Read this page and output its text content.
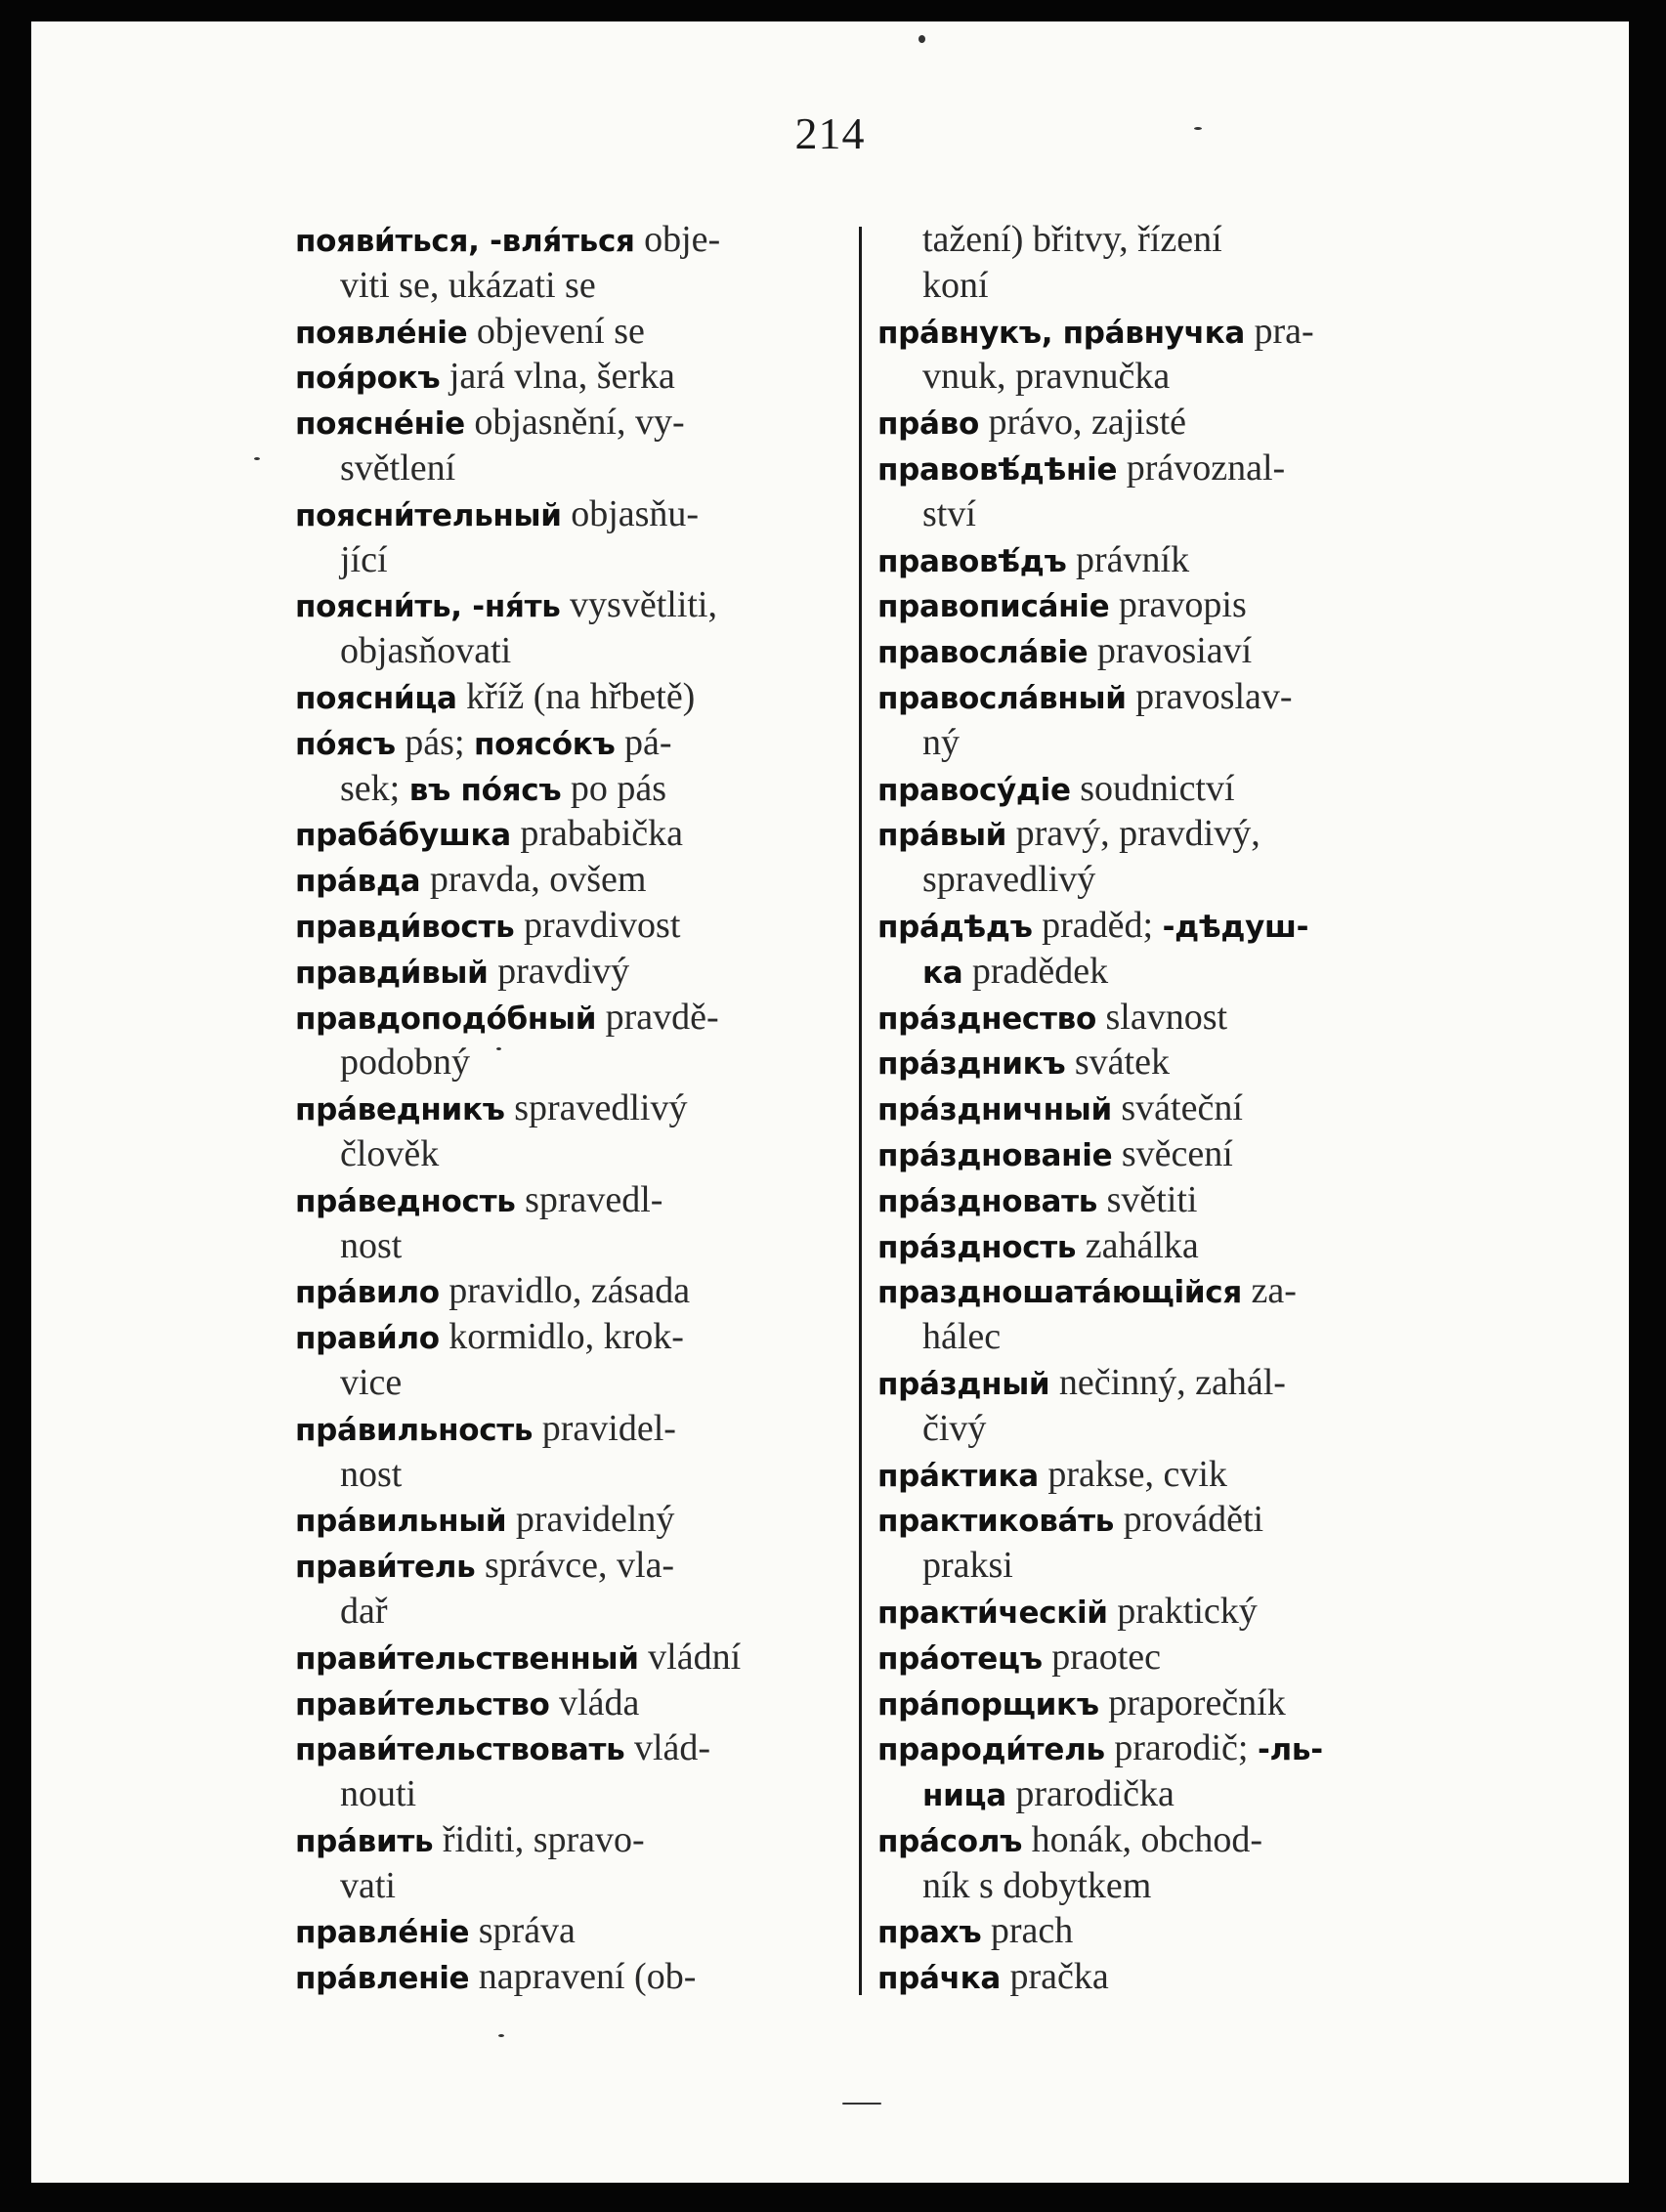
214
появи́ться, -вля́ться obje-
viti se, ukázati se
появлéніе objevení se
поя́рокъ jará vlna, šerka
пояснéніе objasnění, vy-
světlení
поясни́тельный objasňu-
jící
поясни́ть, -ня́ть vysvětliti,
objasňovati
поясни́ца kříž (na hřbetě)
по́ясъ pás; поясóкъ pá-
sek; въ по́ясъ po pás
праба́бушка prababička
прáвда pravda, ovšem
правди́вость pravdivost
правди́вый pravdivý
правдоподóбный pravdě-
podobný
прáведникъ spravedlivý
člověk
прáведность spravedl-
nost
прáвило pravidlo, zásada
прави́ло kormidlo, krok-
vice
прáвильность pravidel-
nost
прáвильный pravidelný
прави́тель správce, vla-
dař
прави́тельственный vládní
прави́тельство vláda
прави́тельствовать vlád-
nouti
прáвить řiditi, spravo-
vati
правлéніе správa
прáвленіе napravení (ob-
tažení) břitvy, řízení
koní
прáвнукъ, прáвнучка pra-
vnuk, pravnučka
прáво právo, zajisté
правовѣ́дѣніе právoznal-
ství
правовѣ́дъ právník
правописáніе pravopis
правослáвіе pravosiaví
правослáвный pravoslav-
ný
правосу́діе soudnictví
прáвый pravý, pravdivý,
spravedlivý
прáдѣдъ praděd; -дѣдуш-
ка pradědek
прáзднество slavnost
прáздникъ svátek
прáздничный sváteční
прáзднованіе svěcení
прáздновать světiti
прáздность zahálka
праздношатáющійся za-
hálec
прáздный nečinný, zahál-
čivý
прáктика prakse, cvik
практиковáть prováděti
praksi
практи́ческій praktický
прáотецъ praotec
прáпорщикъ praporečník
прароди́тель prarodič; -ль-
ница prarodička
прáсолъ honák, obchod-
ník s dobytkem
прахъ prach
прáчка pračka
